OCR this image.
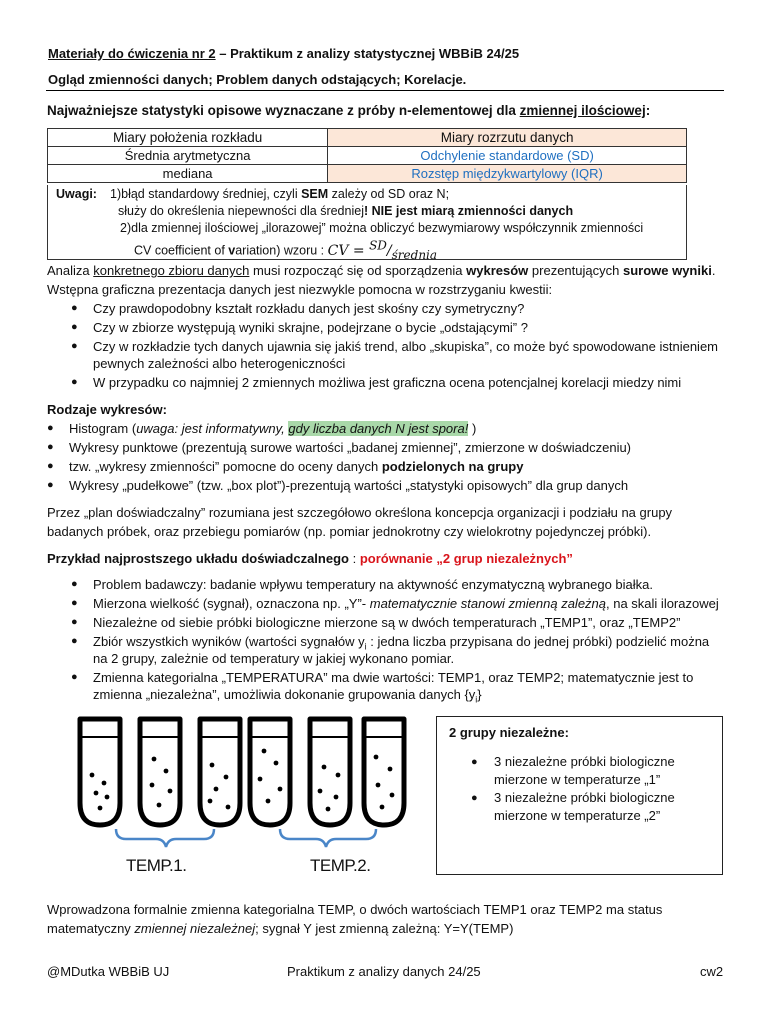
Materiały do ćwiczenia nr 2 – Praktikum z analizy statystycznej WBBiB 24/25
Ogląd zmienności danych; Problem danych odstających; Korelacje.
Najważniejsze statystyki opisowe wyznaczane z próby n-elementowej dla zmiennej ilościowej:
Miary położenia rozkładu	Miary rozrzutu danych
Średnia arytmetyczna	Odchylenie standardowe (SD)
mediana	Rozstęp międzykwartylowy (IQR)
Uwagi: 1)błąd standardowy średniej, czyli SEM zależy od SD oraz N;
służy do określenia niepewności dla średniej! NIE jest miarą zmienności danych
2)dla zmiennej ilościowej „ilorazowej” można obliczyć bezwymiarowy współczynnik zmienności
CV coefficient of variation) wzoru : CV = $^{SD}/_{średnia}$
Analiza konkretnego zbioru danych musi rozpocząć się od sporządzenia wykresów prezentujących surowe wyniki.
Wstępna graficzna prezentacja danych jest niezwykle pomocna w rozstrzyganiu kwestii:
● Czy prawdopodobny kształt rozkładu danych jest skośny czy symetryczny?
● Czy w zbiorze występują wyniki skrajne, podejrzane o bycie „odstającymi” ?
● Czy w rozkładzie tych danych ujawnia się jakiś trend, albo „skupiska”, co może być spowodowane istnieniem
pewnych zależności albo heterogeniczności
● W przypadku co najmniej 2 zmiennych możliwa jest graficzna ocena potencjalnej korelacji miedzy nimi
Rodzaje wykresów:
● Histogram (uwaga: jest informatywny, gdy liczba danych N jest spora! )
● Wykresy punktowe (prezentują surowe wartości „badanej zmiennej”, zmierzone w doświadczeniu)
● tzw. „wykresy zmienności” pomocne do oceny danych podzielonych na grupy
● Wykresy „pudełkowe” (tzw. „box plot”)-prezentują wartości „statystyki opisowych” dla grup danych
Przez „plan doświadczalny” rozumiana jest szczegółowo określona koncepcja organizacji i podziału na grupy
badanych próbek, oraz przebiegu pomiarów (np. pomiar jednokrotny czy wielokrotny pojedynczej próbki).
Przykład najprostszego układu doświadczalnego : porównanie „2 grup niezależnych”
● Problem badawczy: badanie wpływu temperatury na aktywność enzymatyczną wybranego białka.
● Mierzona wielkość (sygnał), oznaczona np. „Y”- matematycznie stanowi zmienną zależną, na skali ilorazowej
● Niezależne od siebie próbki biologiczne mierzone są w dwóch temperaturach „TEMP1”, oraz „TEMP2”
● Zbiór wszystkich wyników (wartości sygnałów $y_i$ : jedna liczba przypisana do jednej próbki) podzielić można
na 2 grupy, zależnie od temperatury w jakiej wykonano pomiar.
● Zmienna kategorialna „TEMPERATURA” ma dwie wartości: TEMP1, oraz TEMP2; matematycznie jest to
zmienna „niezależna”, umożliwia dokonanie grupowania danych $\{y_i\}$
TEMP.1.	TEMP.2.
2 grupy niezależne:
● 3 niezależne próbki biologiczne
mierzone w temperaturze „1”
● 3 niezależne próbki biologiczne
mierzone w temperaturze „2”
Wprowadzona formalnie zmienna kategorialna TEMP, o dwóch wartościach TEMP1 oraz TEMP2 ma status
matematyczny zmiennej niezależnej; sygnał Y jest zmienną zależną: Y=Y(TEMP)
@MDutka WBBiB UJ	Praktikum z analizy danych 24/25	cw2
